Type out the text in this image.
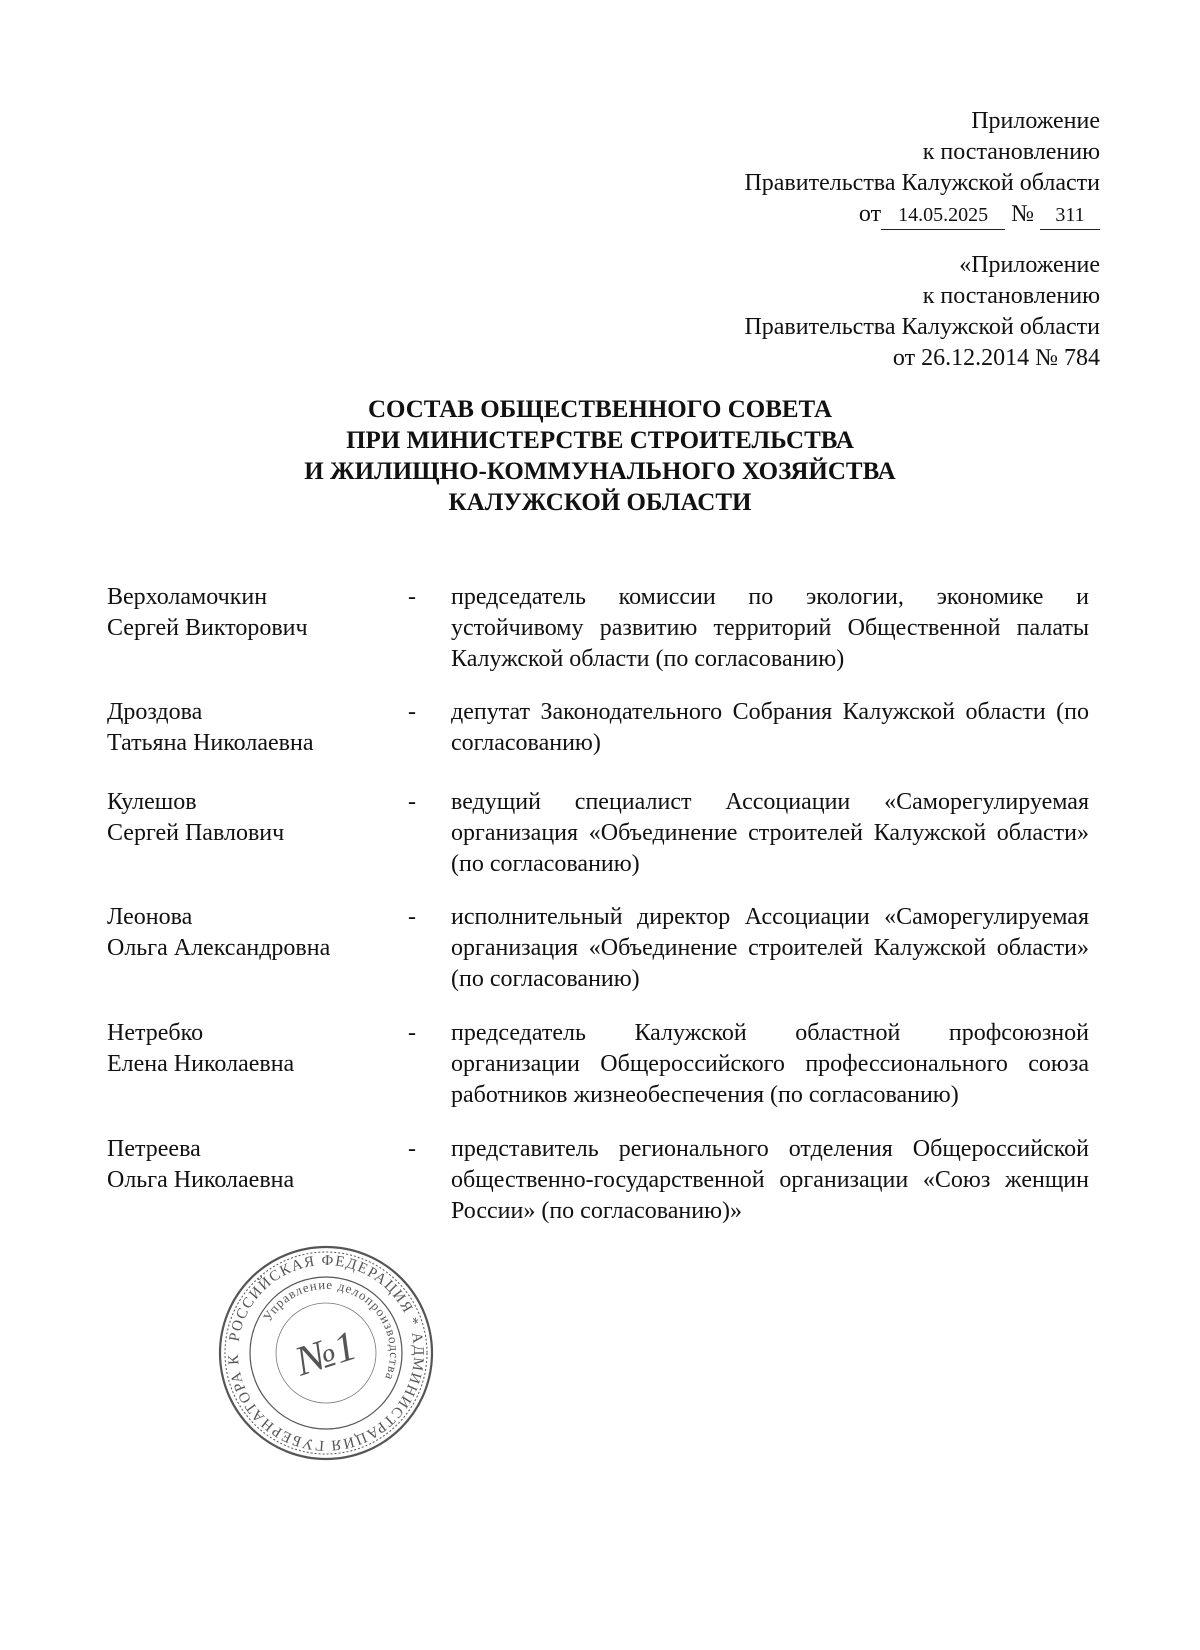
Приложение
к постановлению
Правительства Калужской области
от 14.05.2025 № 311
«Приложение
к постановлению
Правительства Калужской области
от 26.12.2014 № 784
СОСТАВ ОБЩЕСТВЕННОГО СОВЕТА
ПРИ МИНИСТЕРСТВЕ СТРОИТЕЛЬСТВА
И ЖИЛИЩНО-КОММУНАЛЬНОГО ХОЗЯЙСТВА
КАЛУЖСКОЙ ОБЛАСТИ
Верхоламочкин
Сергей Викторович
- председатель комиссии по экологии, экономике и устойчивому развитию территорий Общественной палаты Калужской области (по согласованию)
Дроздова
Татьяна Николаевна
- депутат Законодательного Собрания Калужской области (по согласованию)
Кулешов
Сергей Павлович
- ведущий специалист Ассоциации «Саморегулируемая организация «Объединение строителей Калужской области» (по согласованию)
Леонова
Ольга Александровна
- исполнительный директор Ассоциации «Саморегулируемая организация «Объединение строителей Калужской области» (по согласованию)
Нетребко
Елена Николаевна
- председатель Калужской областной профсоюзной организации Общероссийского профессионального союза работников жизнеобеспечения (по согласованию)
Петреева
Ольга Николаевна
- представитель регионального отделения Общероссийской общественно-государственной организации «Союз женщин России» (по согласованию)»
РОССИЙСКАЯ ФЕДЕРАЦИЯ * АДМИНИСТРАЦИЯ ГУБЕРНАТОРА К
Управление делопроизводства
№1
